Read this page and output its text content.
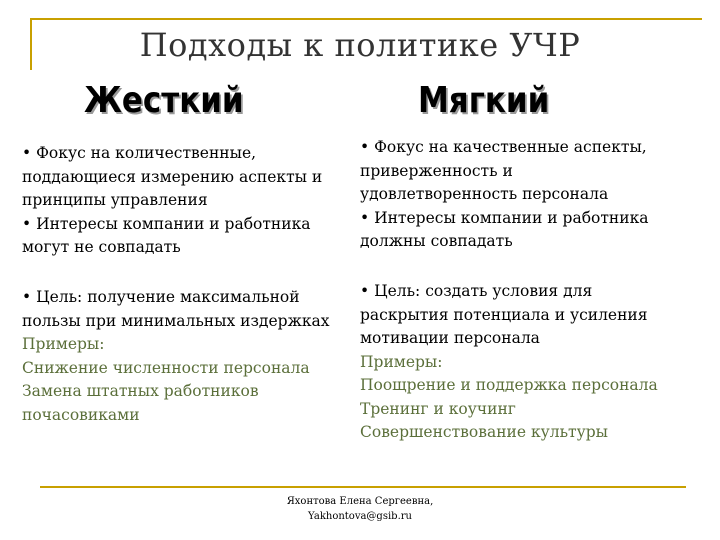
Подходы к политике УЧР
Жесткий	Мягкий

• Фокус на количественные,

поддающиеся измерению аспекты и

принципы управления

• Интересы компании и работника

могут не совпадать

• Фокус на качественные аспекты,

приверженность и

удовлетворенность персонала

• Интересы компании и работника

должны совпадать

• Цель: получение максимальной

пользы при минимальных издержках

Примеры:

Снижение численности персонала

Замена штатных работников

почасовиками

• Цель: создать условия для

раскрытия потенциала и усиления

мотивации персонала

Примеры:

Поощрение и поддержка персонала

Тренинг и коучинг

Совершенствование культуры

Яхонтова Елена Сергеевна,
Yakhontova@gsib.ru
